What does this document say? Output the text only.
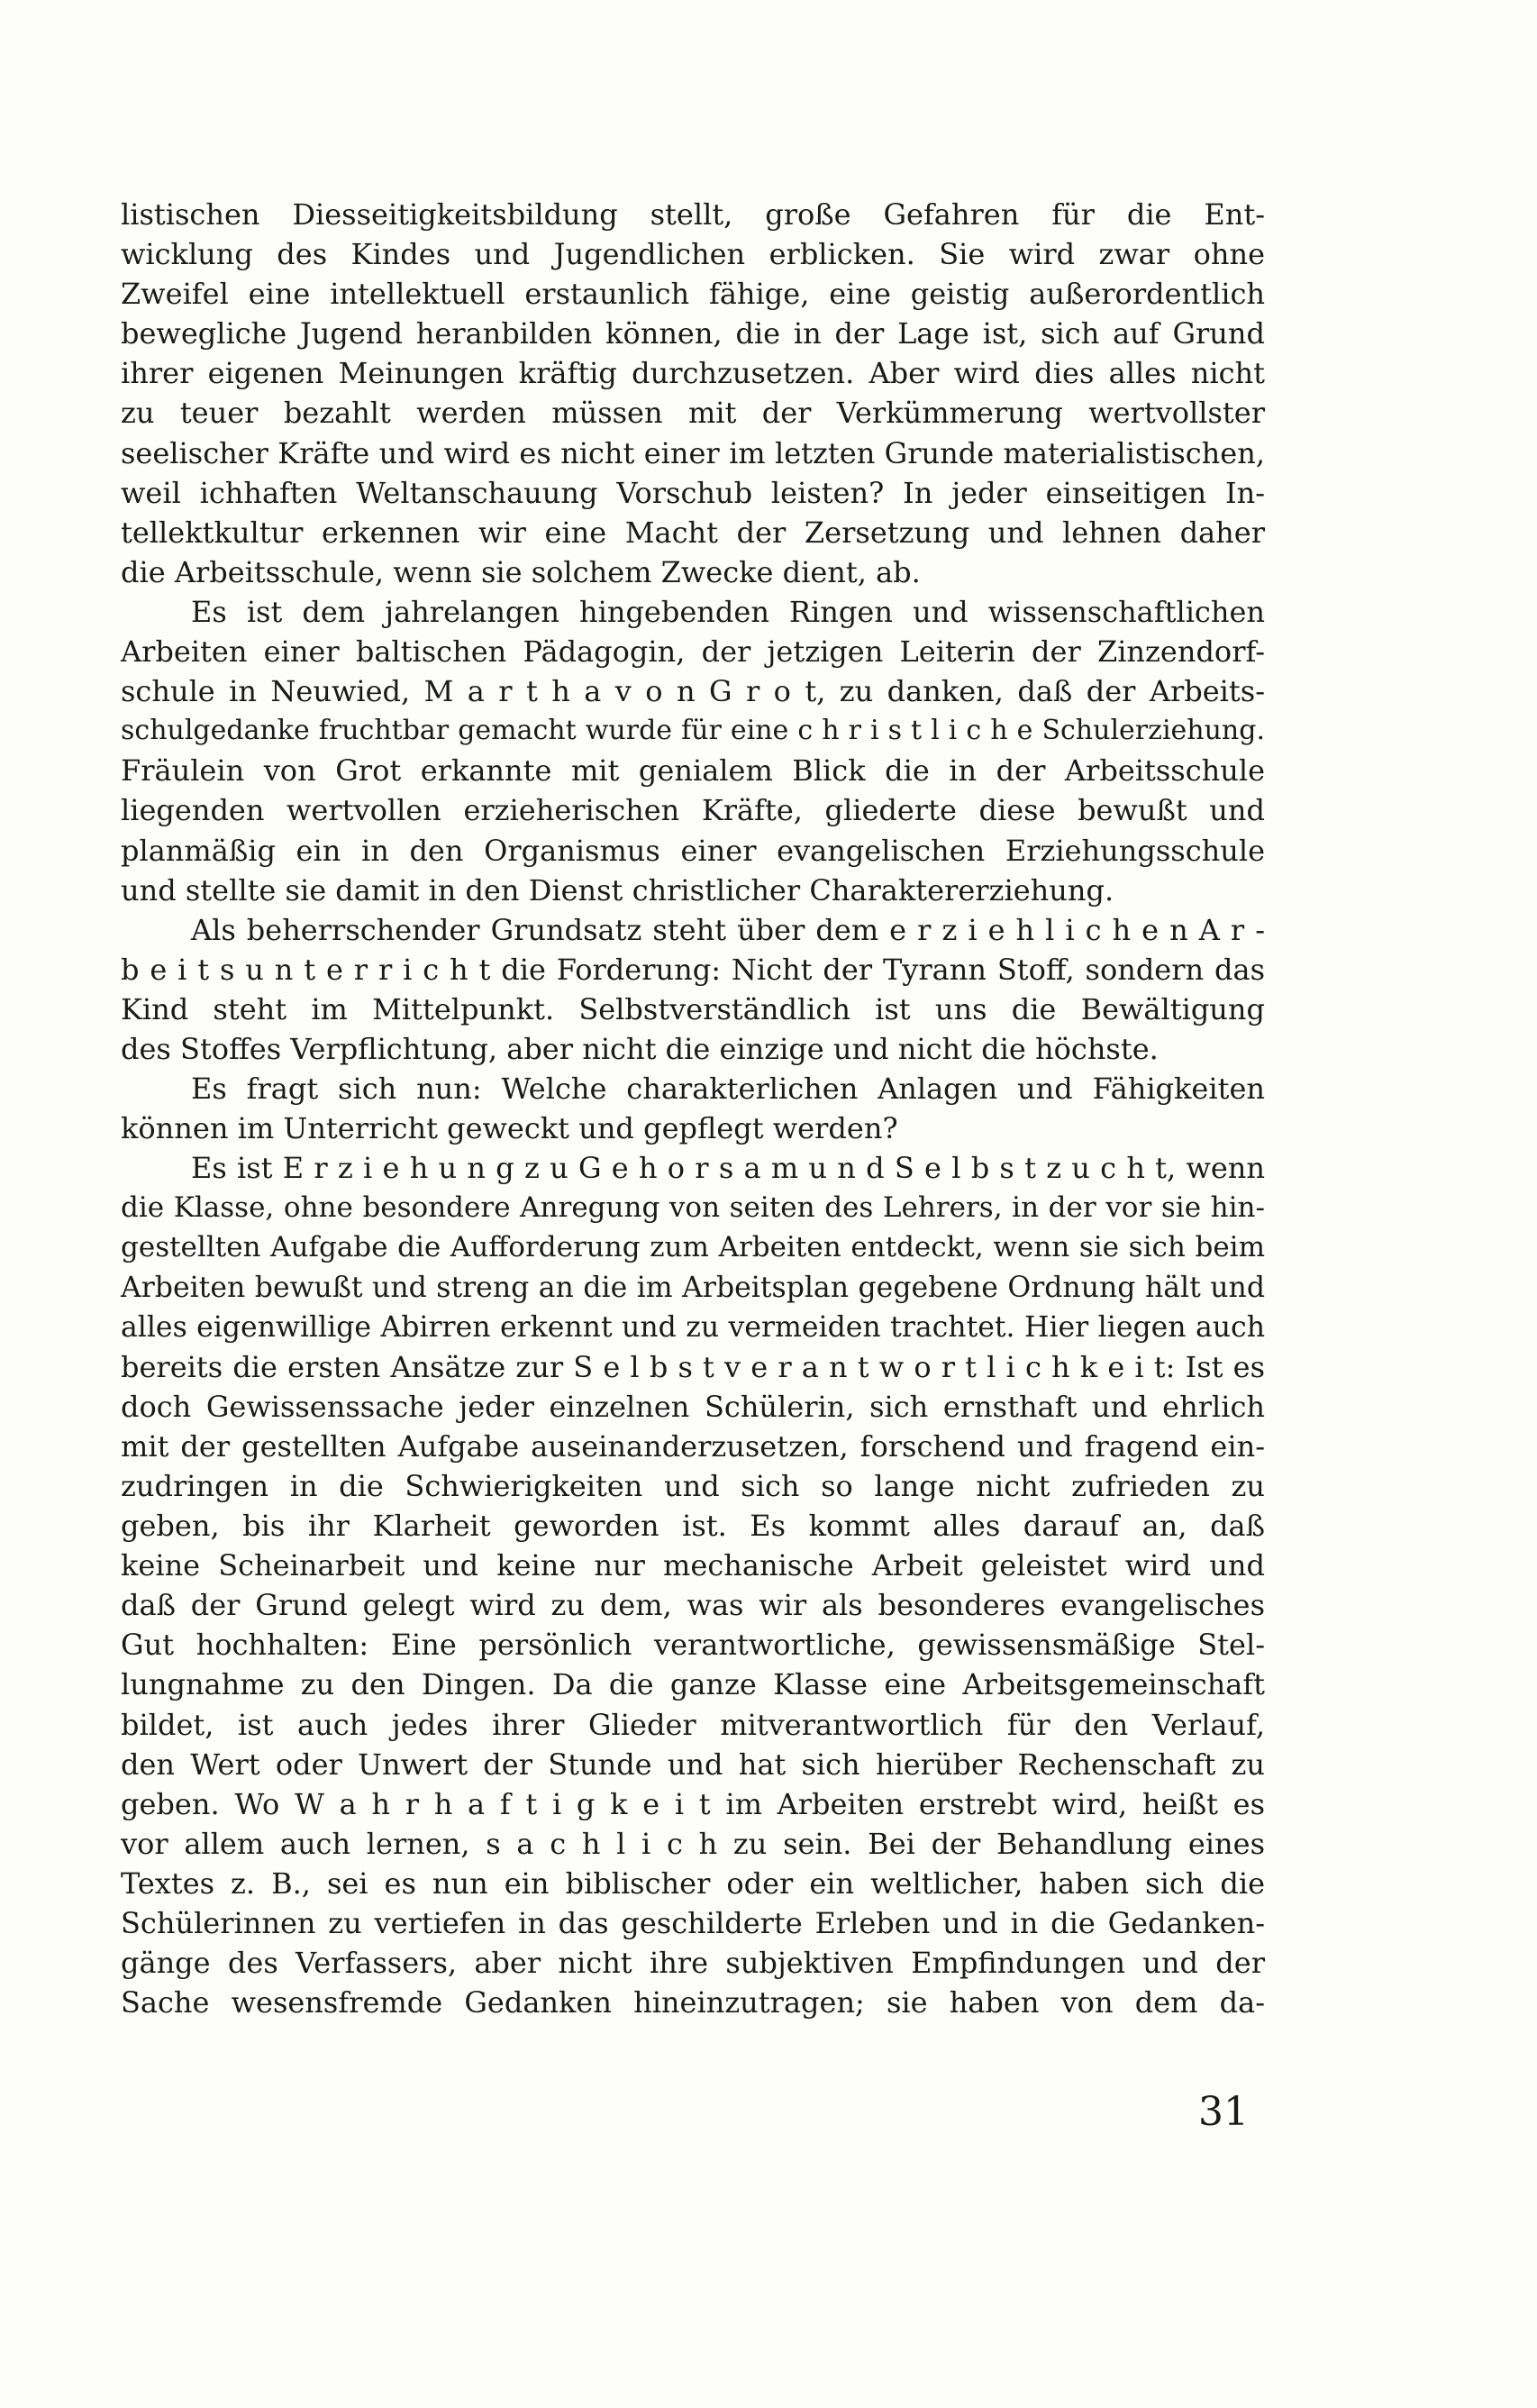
listischen Diesseitigkeitsbildung stellt, große Gefahren für die Ent-
wicklung des Kindes und Jugendlichen erblicken. Sie wird zwar ohne
Zweifel eine intellektuell erstaunlich fähige, eine geistig außerordentlich
bewegliche Jugend heranbilden können, die in der Lage ist, sich auf Grund
ihrer eigenen Meinungen kräftig durchzusetzen. Aber wird dies alles nicht
zu teuer bezahlt werden müssen mit der Verkümmerung wertvollster
seelischer Kräfte und wird es nicht einer im letzten Grunde materialistischen,
weil ichhaften Weltanschauung Vorschub leisten? In jeder einseitigen In-
tellektkultur erkennen wir eine Macht der Zersetzung und lehnen daher
die Arbeitsschule, wenn sie solchem Zwecke dient, ab.
Es ist dem jahrelangen hingebenden Ringen und wissenschaftlichen
Arbeiten einer baltischen Pädagogin, der jetzigen Leiterin der Zinzendorf-
schule in Neuwied, M a r t h a v o n G r o t, zu danken, daß der Arbeits-
schulgedanke fruchtbar gemacht wurde für eine c h r i s t l i c h e Schulerziehung.
Fräulein von Grot erkannte mit genialem Blick die in der Arbeitsschule
liegenden wertvollen erzieherischen Kräfte, gliederte diese bewußt und
planmäßig ein in den Organismus einer evangelischen Erziehungsschule
und stellte sie damit in den Dienst christlicher Charaktererziehung.
Als beherrschender Grundsatz steht über dem e r z i e h l i c h e n A r -
b e i t s u n t e r r i c h t die Forderung: Nicht der Tyrann Stoff, sondern das
Kind steht im Mittelpunkt. Selbstverständlich ist uns die Bewältigung
des Stoffes Verpflichtung, aber nicht die einzige und nicht die höchste.
Es fragt sich nun: Welche charakterlichen Anlagen und Fähigkeiten
können im Unterricht geweckt und gepflegt werden?
Es ist E r z i e h u n g z u G e h o r s a m u n d S e l b s t z u c h t, wenn
die Klasse, ohne besondere Anregung von seiten des Lehrers, in der vor sie hin-
gestellten Aufgabe die Aufforderung zum Arbeiten entdeckt, wenn sie sich beim
Arbeiten bewußt und streng an die im Arbeitsplan gegebene Ordnung hält und
alles eigenwillige Abirren erkennt und zu vermeiden trachtet. Hier liegen auch
bereits die ersten Ansätze zur S e l b s t v e r a n t w o r t l i c h k e i t: Ist es
doch Gewissenssache jeder einzelnen Schülerin, sich ernsthaft und ehrlich
mit der gestellten Aufgabe auseinanderzusetzen, forschend und fragend ein-
zudringen in die Schwierigkeiten und sich so lange nicht zufrieden zu
geben, bis ihr Klarheit geworden ist. Es kommt alles darauf an, daß
keine Scheinarbeit und keine nur mechanische Arbeit geleistet wird und
daß der Grund gelegt wird zu dem, was wir als besonderes evangelisches
Gut hochhalten: Eine persönlich verantwortliche, gewissensmäßige Stel-
lungnahme zu den Dingen. Da die ganze Klasse eine Arbeitsgemeinschaft
bildet, ist auch jedes ihrer Glieder mitverantwortlich für den Verlauf,
den Wert oder Unwert der Stunde und hat sich hierüber Rechenschaft zu
geben. Wo W a h r h a f t i g k e i t im Arbeiten erstrebt wird, heißt es
vor allem auch lernen, s a c h l i c h zu sein. Bei der Behandlung eines
Textes z. B., sei es nun ein biblischer oder ein weltlicher, haben sich die
Schülerinnen zu vertiefen in das geschilderte Erleben und in die Gedanken-
gänge des Verfassers, aber nicht ihre subjektiven Empfindungen und der
Sache wesensfremde Gedanken hineinzutragen; sie haben von dem da-
31
